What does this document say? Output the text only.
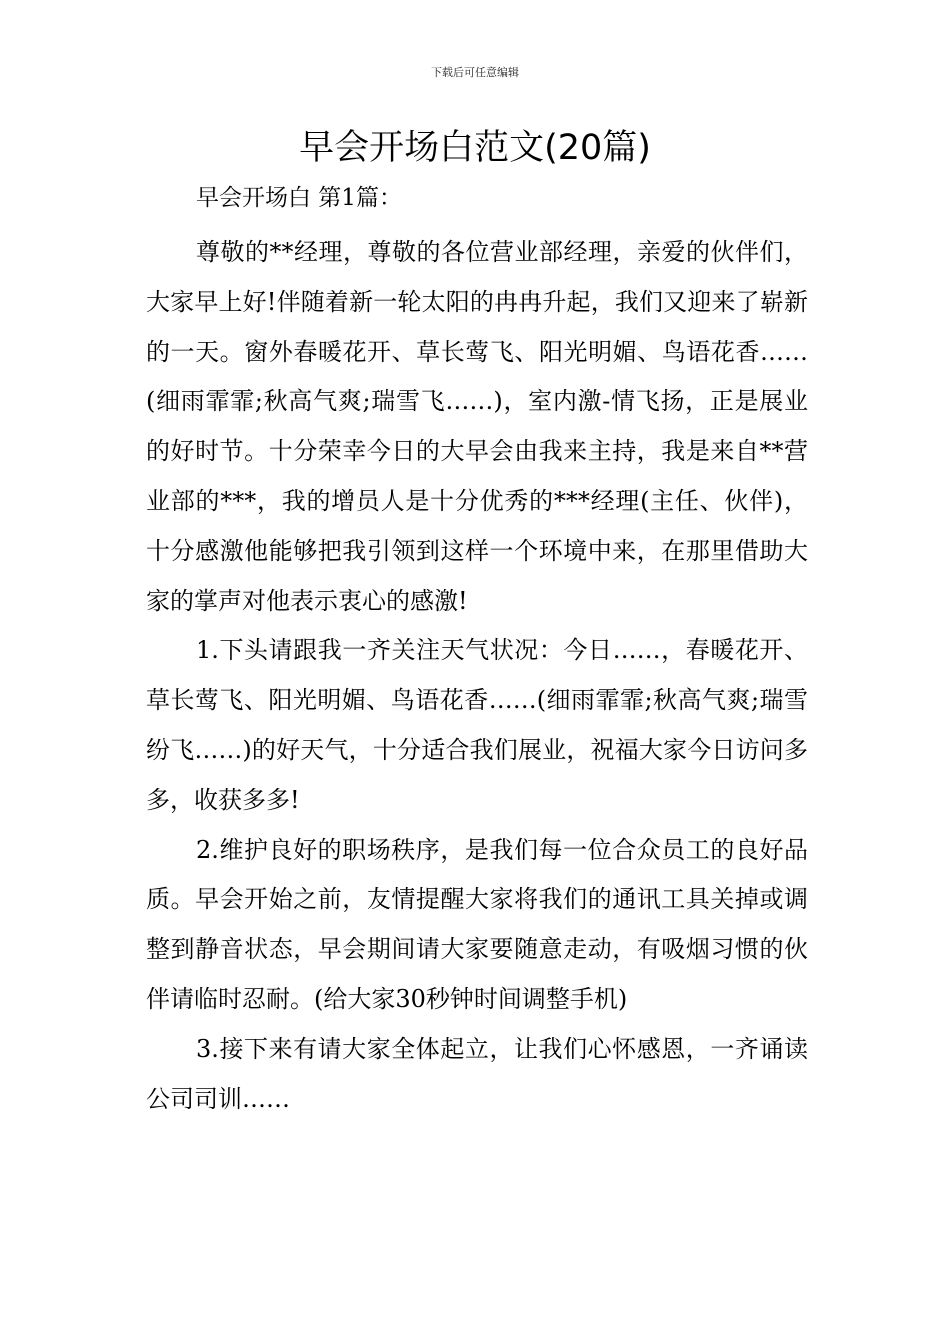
下载后可任意编辑
早会开场白范文(20篇)
早会开场白 第1篇：

尊敬的**经理，尊敬的各位营业部经理，亲爱的伙伴们，大家早上好!伴随着新一轮太阳的冉冉升起，我们又迎来了崭新的一天。窗外春暖花开、草长莺飞、阳光明媚、鸟语花香……(细雨霏霏;秋高气爽;瑞雪飞……)，室内激-情飞扬，正是展业的好时节。十分荣幸今日的大早会由我来主持，我是来自**营业部的***，我的增员人是十分优秀的***经理(主任、伙伴)，十分感激他能够把我引领到这样一个环境中来，在那里借助大家的掌声对他表示衷心的感激!

1.下头请跟我一齐关注天气状况：今日……，春暖花开、草长莺飞、阳光明媚、鸟语花香……(细雨霏霏;秋高气爽;瑞雪纷飞……)的好天气，十分适合我们展业，祝福大家今日访问多多，收获多多!

2.维护良好的职场秩序，是我们每一位合众员工的良好品质。早会开始之前，友情提醒大家将我们的通讯工具关掉或调整到静音状态，早会期间请大家要随意走动，有吸烟习惯的伙伴请临时忍耐。(给大家30秒钟时间调整手机)

3.接下来有请大家全体起立，让我们心怀感恩，一齐诵读公司司训……
